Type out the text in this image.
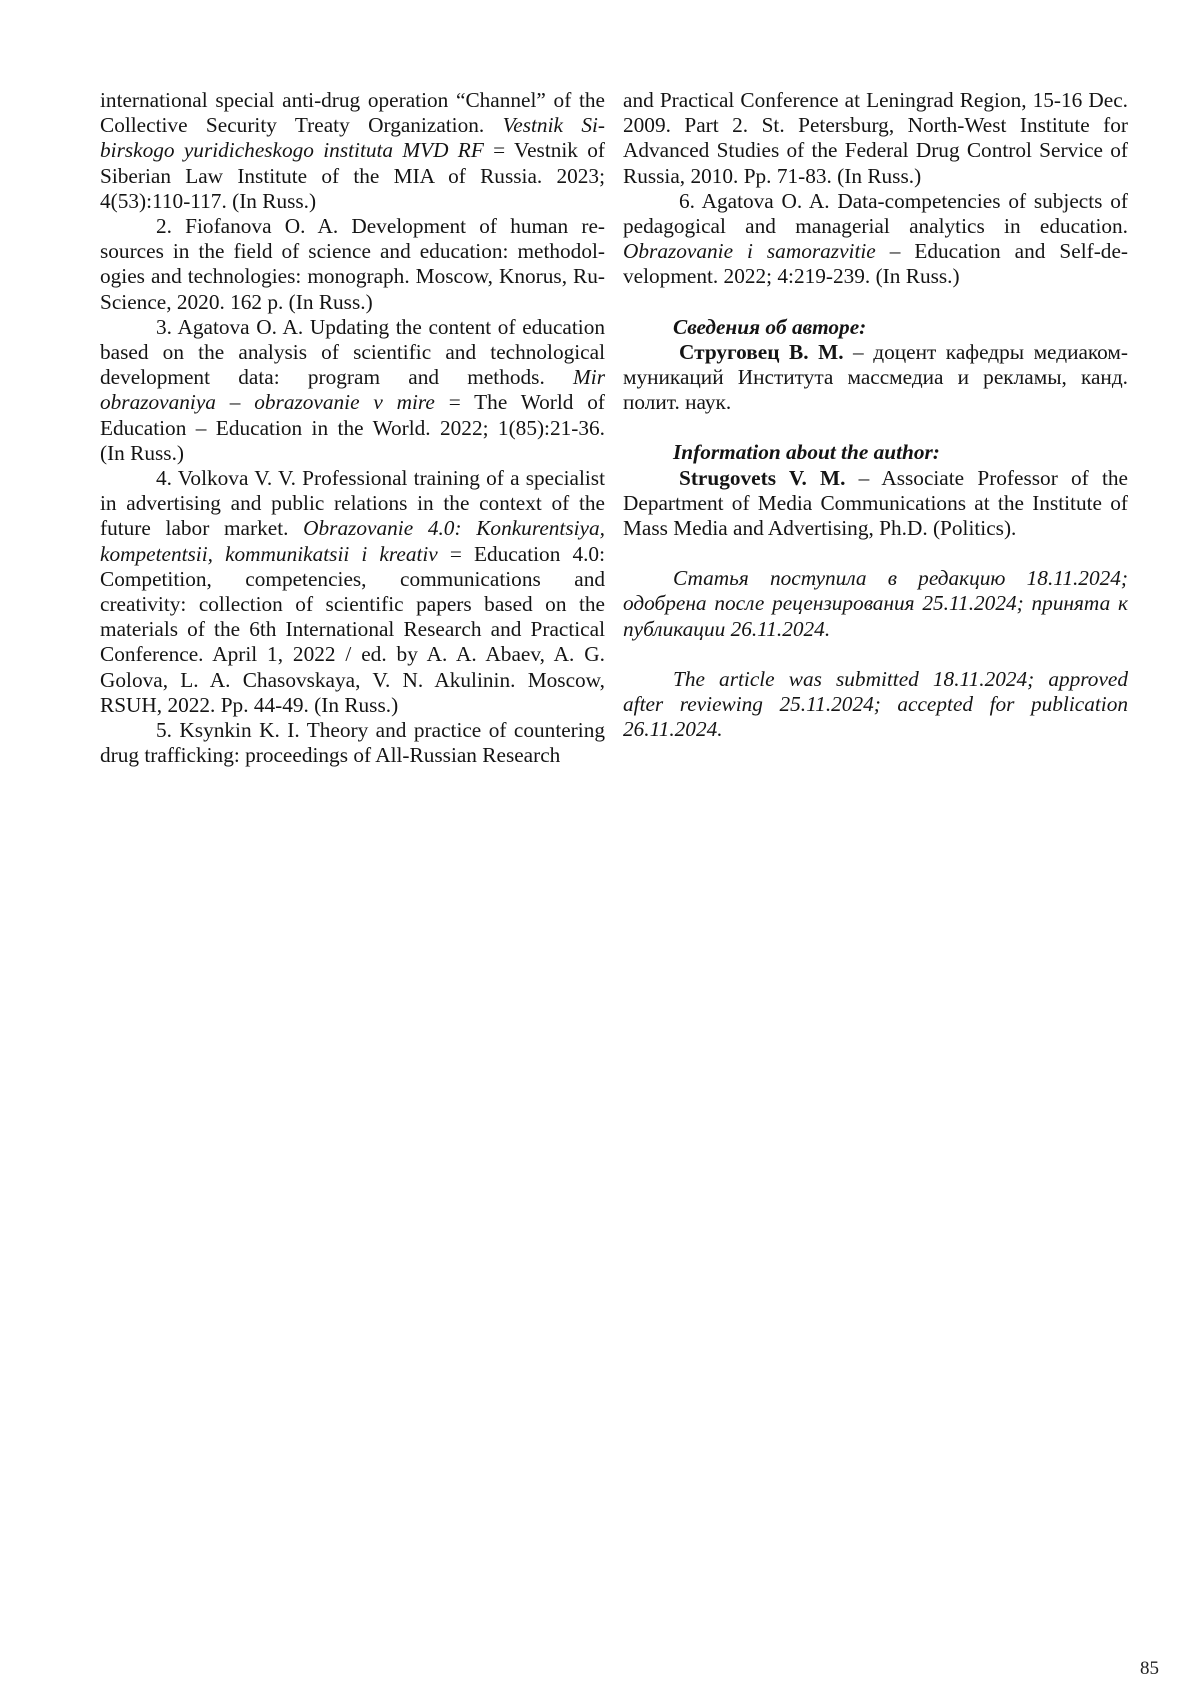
international special anti-drug operation “Channel” of the Collective Security Treaty Organization. Vestnik Sibirskogo yuridicheskogo instituta MVD RF = Vestnik of Siberian Law Institute of the MIA of Russia. 2023; 4(53):110-117. (In Russ.)

2. Fiofanova O. A. Development of human resources in the field of science and education: methodologies and technologies: monograph. Moscow, Knorus, Ru-Science, 2020. 162 p. (In Russ.)

3. Agatova O. A. Updating the content of education based on the analysis of scientific and technological development data: program and methods. Mir obrazovaniya – obrazovanie v mire = The World of Education – Education in the World. 2022; 1(85):21-36. (In Russ.)

4. Volkova V. V. Professional training of a specialist in advertising and public relations in the context of the future labor market. Obrazovanie 4.0: Konkurentsiya, kompetentsii, kommunikatsii i kreativ = Education 4.0: Competition, competencies, communications and creativity: collection of scientific papers based on the materials of the 6th International Research and Practical Conference. April 1, 2022 / ed. by A. A. Abaev, A. G. Golova, L. A. Chasovskaya, V. N. Akulinin. Moscow, RSUH, 2022. Pp. 44-49. (In Russ.)

5. Ksynkin K. I. Theory and practice of countering drug trafficking: proceedings of All-Russian Research

and Practical Conference at Leningrad Region, 15-16 Dec. 2009. Part 2. St. Petersburg, North-West Institute for Advanced Studies of the Federal Drug Control Service of Russia, 2010. Pp. 71-83. (In Russ.)

6. Agatova O. A. Data-competencies of subjects of pedagogical and managerial analytics in education. Obrazovanie i samorazvitie – Education and Self-development. 2022; 4:219-239. (In Russ.)

Сведения об авторе:

Струговец В. М. – доцент кафедры медиакоммуникаций Института массмедиа и рекламы, канд. полит. наук.

Information about the author:

Strugovets V. M. – Associate Professor of the Department of Media Communications at the Institute of Mass Media and Advertising, Ph.D. (Politics).

Статья поступила в редакцию 18.11.2024; одобрена после рецензирования 25.11.2024; принята к публикации 26.11.2024.

The article was submitted 18.11.2024; approved after reviewing 25.11.2024; accepted for publication 26.11.2024.

85
